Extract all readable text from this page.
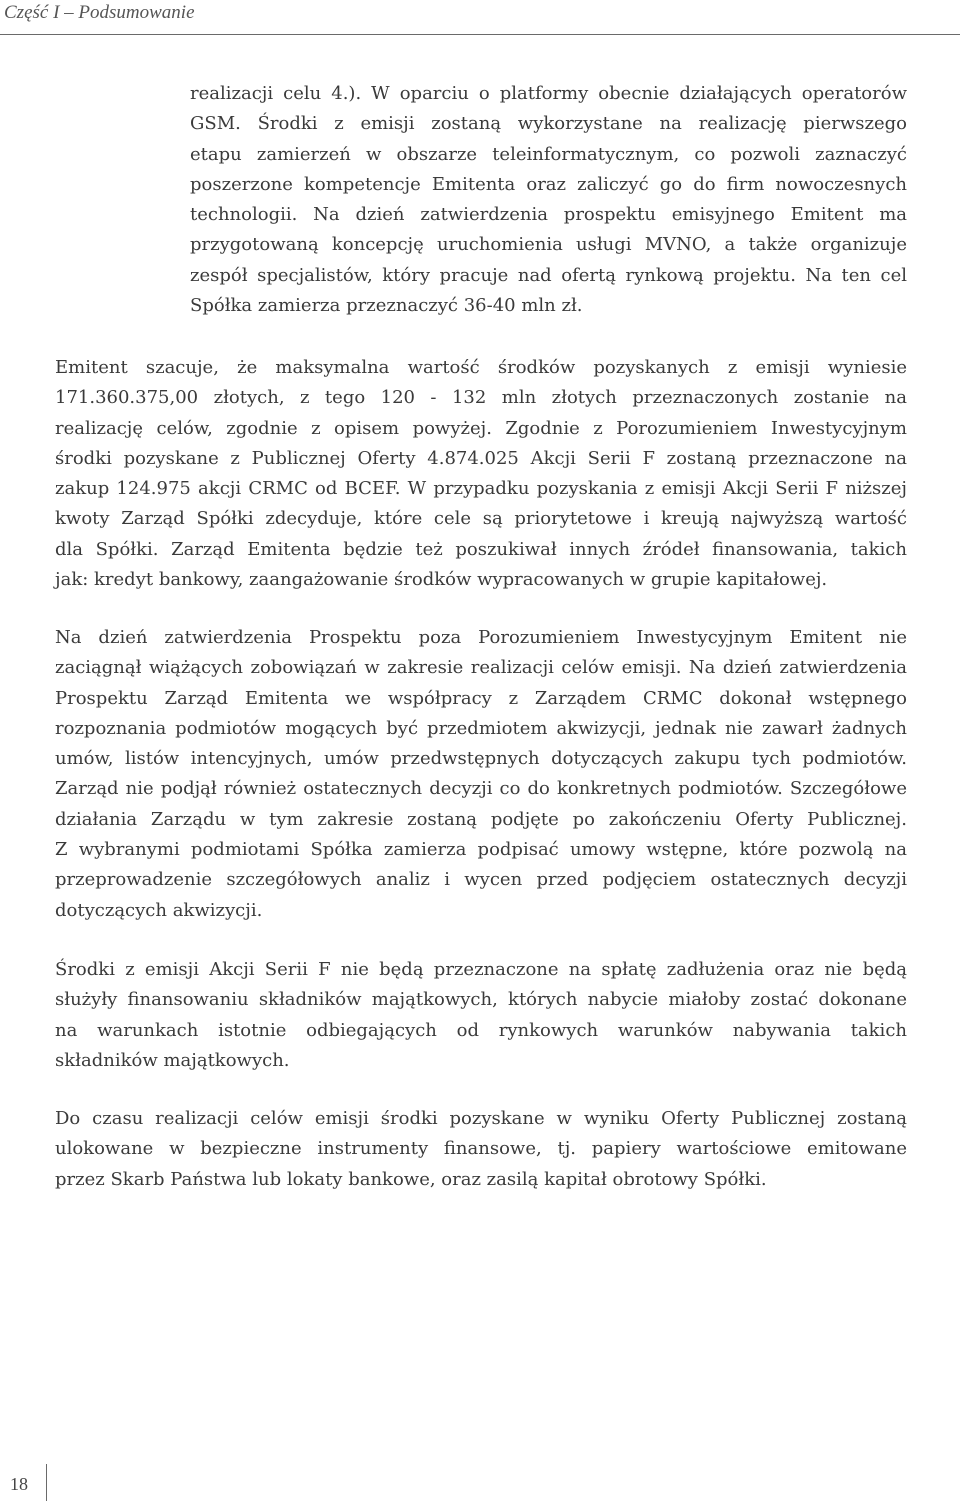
Część I – Podsumowanie
realizacji celu 4.). W oparciu o platformy obecnie działających operatorów
GSM. Środki z emisji zostaną wykorzystane na realizację pierwszego
etapu zamierzeń w obszarze teleinformatycznym, co pozwoli zaznaczyć
poszerzone kompetencje Emitenta oraz zaliczyć go do firm nowoczesnych
technologii. Na dzień zatwierdzenia prospektu emisyjnego Emitent ma
przygotowaną koncepcję uruchomienia usługi MVNO, a także organizuje
zespół specjalistów, który pracuje nad ofertą rynkową projektu. Na ten cel
Spółka zamierza przeznaczyć 36-40 mln zł.
Emitent szacuje, że maksymalna wartość środków pozyskanych z emisji wyniesie
171.360.375,00 złotych, z tego 120 - 132 mln złotych przeznaczonych zostanie na
realizację celów, zgodnie z opisem powyżej. Zgodnie z Porozumieniem Inwestycyjnym
środki pozyskane z Publicznej Oferty 4.874.025 Akcji Serii F zostaną przeznaczone na
zakup 124.975 akcji CRMC od BCEF. W przypadku pozyskania z emisji Akcji Serii F niższej
kwoty Zarząd Spółki zdecyduje, które cele są priorytetowe i kreują najwyższą wartość
dla Spółki. Zarząd Emitenta będzie też poszukiwał innych źródeł finansowania, takich
jak: kredyt bankowy, zaangażowanie środków wypracowanych w grupie kapitałowej.
Na dzień zatwierdzenia Prospektu poza Porozumieniem Inwestycyjnym Emitent nie
zaciągnął wiążących zobowiązań w zakresie realizacji celów emisji. Na dzień zatwierdzenia
Prospektu Zarząd Emitenta we współpracy z Zarządem CRMC dokonał wstępnego
rozpoznania podmiotów mogących być przedmiotem akwizycji, jednak nie zawarł żadnych
umów, listów intencyjnych, umów przedwstępnych dotyczących zakupu tych podmiotów.
Zarząd nie podjął również ostatecznych decyzji co do konkretnych podmiotów. Szczegółowe
działania Zarządu w tym zakresie zostaną podjęte po zakończeniu Oferty Publicznej.
Z wybranymi podmiotami Spółka zamierza podpisać umowy wstępne, które pozwolą na
przeprowadzenie szczegółowych analiz i wycen przed podjęciem ostatecznych decyzji
dotyczących akwizycji.
Środki z emisji Akcji Serii F nie będą przeznaczone na spłatę zadłużenia oraz nie będą
służyły finansowaniu składników majątkowych, których nabycie miałoby zostać dokonane
na warunkach istotnie odbiegających od rynkowych warunków nabywania takich
składników majątkowych.
Do czasu realizacji celów emisji środki pozyskane w wyniku Oferty Publicznej zostaną
ulokowane w bezpieczne instrumenty finansowe, tj. papiery wartościowe emitowane
przez Skarb Państwa lub lokaty bankowe, oraz zasilą kapitał obrotowy Spółki.
18
